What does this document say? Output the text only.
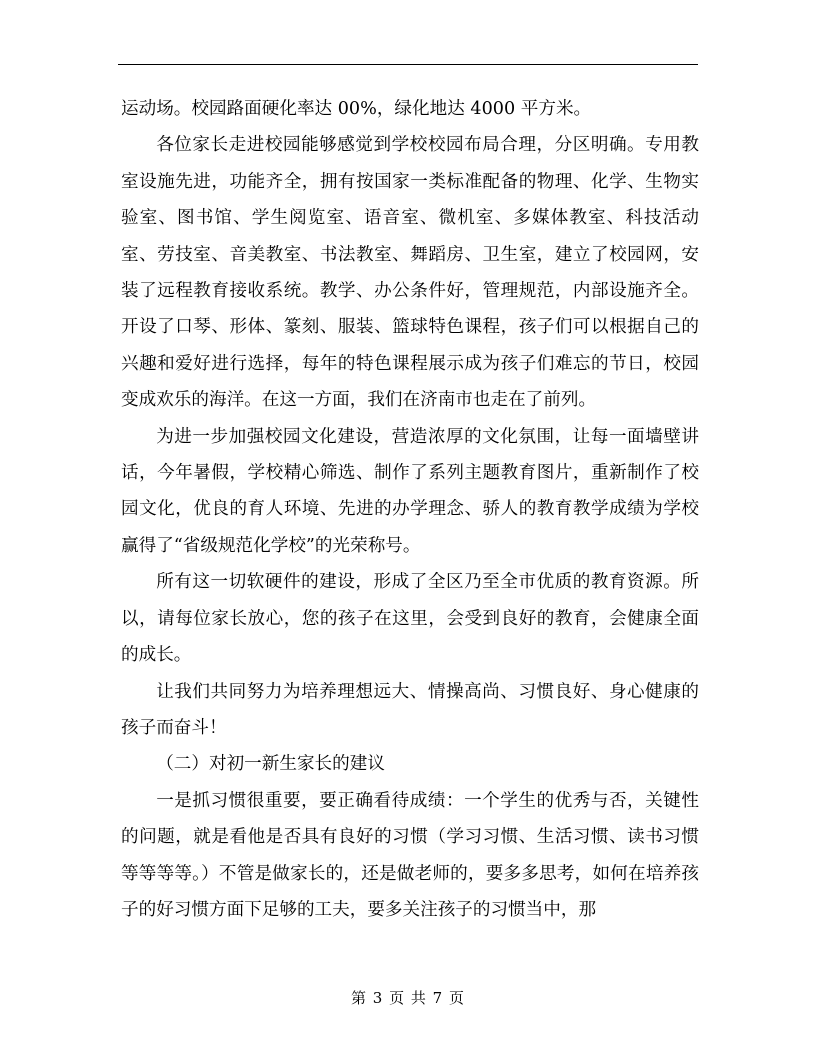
运动场。校园路面硬化率达 00%，绿化地达 4000 平方米。

各位家长走进校园能够感觉到学校校园布局合理，分区明确。专用教室设施先进，功能齐全，拥有按国家一类标准配备的物理、化学、生物实验室、图书馆、学生阅览室、语音室、微机室、多媒体教室、科技活动室、劳技室、音美教室、书法教室、舞蹈房、卫生室，建立了校园网，安装了远程教育接收系统。教学、办公条件好，管理规范，内部设施齐全。开设了口琴、形体、篆刻、服装、篮球特色课程，孩子们可以根据自己的兴趣和爱好进行选择，每年的特色课程展示成为孩子们难忘的节日，校园变成欢乐的海洋。在这一方面，我们在济南市也走在了前列。

为进一步加强校园文化建设，营造浓厚的文化氛围，让每一面墙壁讲话，今年暑假，学校精心筛选、制作了系列主题教育图片，重新制作了校园文化，优良的育人环境、先进的办学理念、骄人的教育教学成绩为学校赢得了“省级规范化学校”的光荣称号。

所有这一切软硬件的建设，形成了全区乃至全市优质的教育资源。所以，请每位家长放心，您的孩子在这里，会受到良好的教育，会健康全面的成长。

让我们共同努力为培养理想远大、情操高尚、习惯良好、身心健康的孩子而奋斗！

（二）对初一新生家长的建议

一是抓习惯很重要，要正确看待成绩：一个学生的优秀与否，关键性的问题，就是看他是否具有良好的习惯（学习习惯、生活习惯、读书习惯等等等等。）不管是做家长的，还是做老师的，要多多思考，如何在培养孩子的好习惯方面下足够的工夫，要多关注孩子的习惯当中，那

第 3 页 共 7 页
